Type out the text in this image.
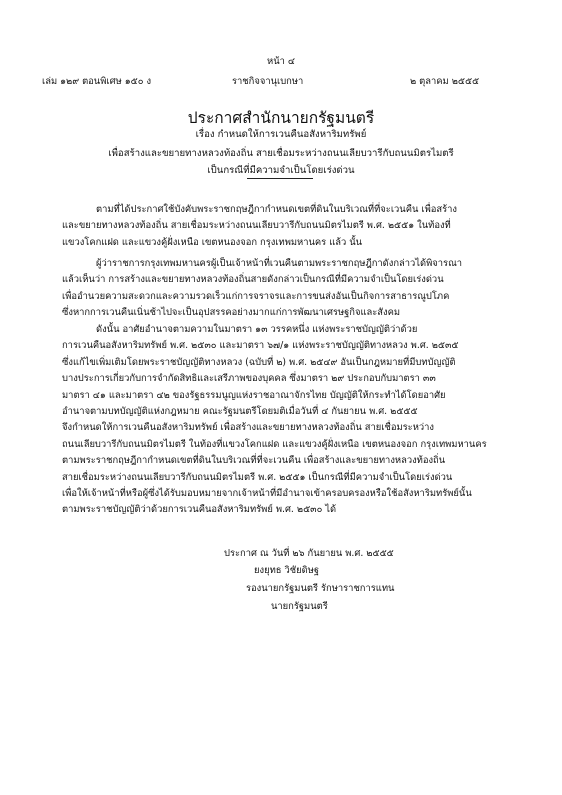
หน้า ๔
เล่ม ๑๒๙ ตอนพิเศษ ๑๕๐ ง	ราชกิจจานุเบกษา	๒ ตุลาคม ๒๕๕๕
ประกาศสำนักนายกรัฐมนตรี
เรื่อง กำหนดให้การเวนคืนอสังหาริมทรัพย์
เพื่อสร้างและขยายทางหลวงท้องถิ่น สายเชื่อมระหว่างถนนเลียบวารีกับถนนมิตรไมตรี
เป็นกรณีที่มีความจำเป็นโดยเร่งด่วน
ตามที่ได้ประกาศใช้บังคับพระราชกฤษฎีกากำหนดเขตที่ดินในบริเวณที่ที่จะเวนคืน เพื่อสร้าง
และขยายทางหลวงท้องถิ่น สายเชื่อมระหว่างถนนเลียบวารีกับถนนมิตรไมตรี พ.ศ. ๒๕๕๑ ในท้องที่
แขวงโคกแฝด และแขวงคู้ฝั่งเหนือ เขตหนองจอก กรุงเทพมหานคร แล้ว นั้น
ผู้ว่าราชการกรุงเทพมหานครผู้เป็นเจ้าหน้าที่เวนคืนตามพระราชกฤษฎีกาดังกล่าวได้พิจารณา
แล้วเห็นว่า การสร้างและขยายทางหลวงท้องถิ่นสายดังกล่าวเป็นกรณีที่มีความจำเป็นโดยเร่งด่วน
เพื่ออำนวยความสะดวกและความรวดเร็วแก่การจราจรและการขนส่งอันเป็นกิจการสาธารณูปโภค
ซึ่งหากการเวนคืนเนิ่นช้าไปจะเป็นอุปสรรคอย่างมากแก่การพัฒนาเศรษฐกิจและสังคม
ดังนั้น อาศัยอำนาจตามความในมาตรา ๑๓ วรรคหนึ่ง แห่งพระราชบัญญัติว่าด้วย
การเวนคืนอสังหาริมทรัพย์ พ.ศ. ๒๕๓๐ และมาตรา ๖๗/๑ แห่งพระราชบัญญัติทางหลวง พ.ศ. ๒๕๓๕
ซึ่งแก้ไขเพิ่มเติมโดยพระราชบัญญัติทางหลวง (ฉบับที่ ๒) พ.ศ. ๒๕๔๙ อันเป็นกฎหมายที่มีบทบัญญัติ
บางประการเกี่ยวกับการจำกัดสิทธิและเสรีภาพของบุคคล ซึ่งมาตรา ๒๙ ประกอบกับมาตรา ๓๓
มาตรา ๔๑ และมาตรา ๔๒ ของรัฐธรรมนูญแห่งราชอาณาจักรไทย บัญญัติให้กระทำได้โดยอาศัย
อำนาจตามบทบัญญัติแห่งกฎหมาย คณะรัฐมนตรีโดยมติเมื่อวันที่ ๔ กันยายน พ.ศ. ๒๕๕๕
จึงกำหนดให้การเวนคืนอสังหาริมทรัพย์ เพื่อสร้างและขยายทางหลวงท้องถิ่น สายเชื่อมระหว่าง
ถนนเลียบวารีกับถนนมิตรไมตรี ในท้องที่แขวงโคกแฝด และแขวงคู้ฝั่งเหนือ เขตหนองจอก กรุงเทพมหานคร
ตามพระราชกฤษฎีกากำหนดเขตที่ดินในบริเวณที่ที่จะเวนคืน เพื่อสร้างและขยายทางหลวงท้องถิ่น
สายเชื่อมระหว่างถนนเลียบวารีกับถนนมิตรไมตรี พ.ศ. ๒๕๕๑ เป็นกรณีที่มีความจำเป็นโดยเร่งด่วน
เพื่อให้เจ้าหน้าที่หรือผู้ซึ่งได้รับมอบหมายจากเจ้าหน้าที่มีอำนาจเข้าครอบครองหรือใช้อสังหาริมทรัพย์นั้น
ตามพระราชบัญญัติว่าด้วยการเวนคืนอสังหาริมทรัพย์ พ.ศ. ๒๕๓๐ ได้
ประกาศ ณ วันที่ ๒๖ กันยายน พ.ศ. ๒๕๕๕
ยงยุทธ วิชัยดิษฐ
รองนายกรัฐมนตรี รักษาราชการแทน
นายกรัฐมนตรี
